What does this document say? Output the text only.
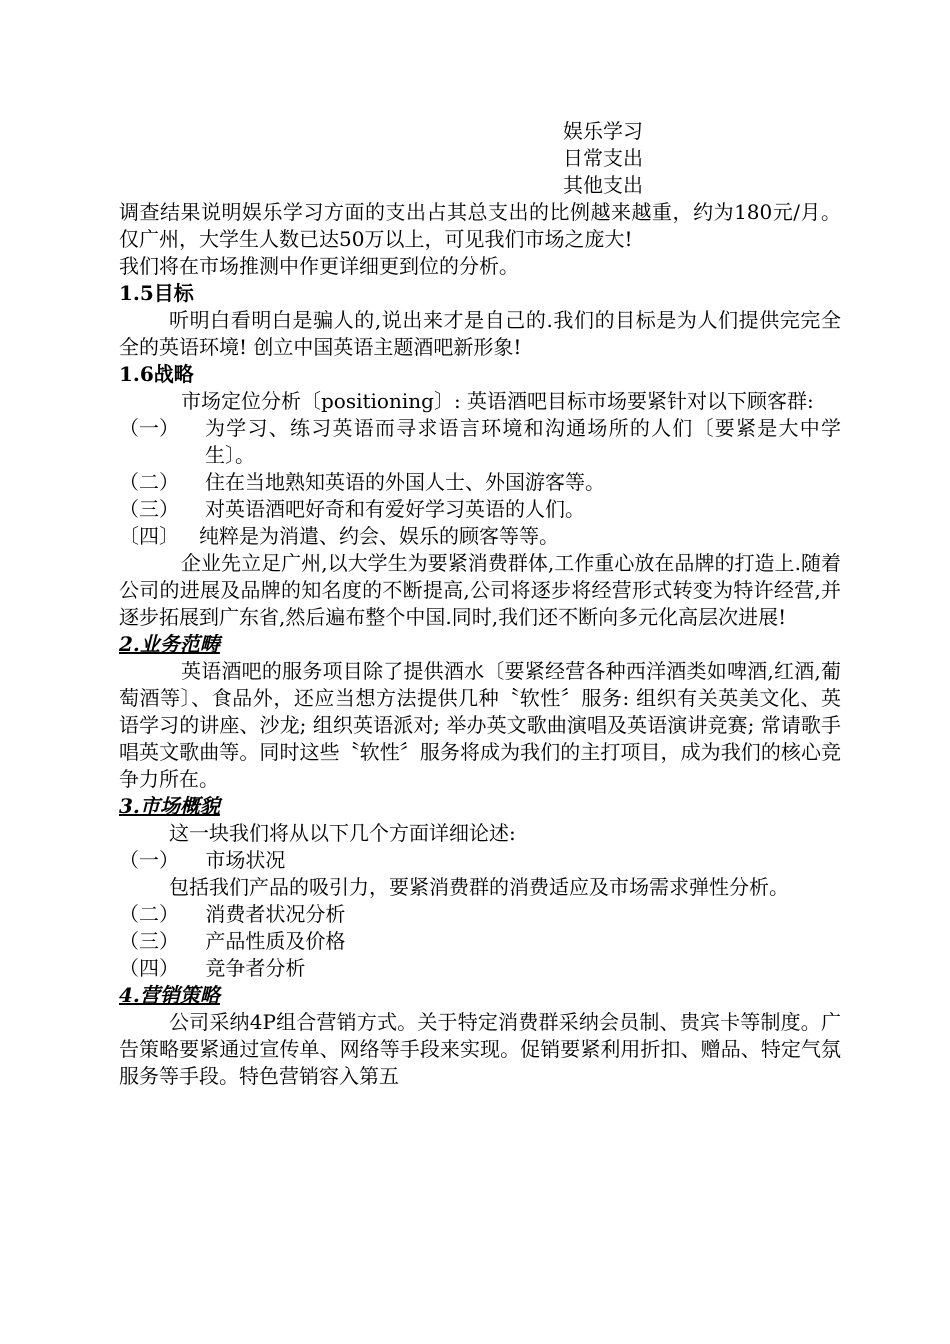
娱乐学习
日常支出
其他支出

调查结果说明娱乐学习方面的支出占其总支出的比例越来越重，约为180元/月。仅广州，大学生人数已达50万以上，可见我们市场之庞大!

我们将在市场推测中作更详细更到位的分析。

1.5目标

听明白看明白是骗人的,说出来才是自己的.我们的目标是为人们提供完完全全的英语环境! 创立中国英语主题酒吧新形象!

1.6战略

市场定位分析〔positioning〕: 英语酒吧目标市场要紧针对以下顾客群:

（一）	为学习、练习英语而寻求语言环境和沟通场所的人们〔要紧是大中学生〕。
（二）	住在当地熟知英语的外国人士、外国游客等。
（三）	对英语酒吧好奇和有爱好学习英语的人们。
〔四〕	纯粹是为消遣、约会、娱乐的顾客等等。

企业先立足广州,以大学生为要紧消费群体,工作重心放在品牌的打造上.随着公司的进展及品牌的知名度的不断提高,公司将逐步将经营形式转变为特许经营,并逐步拓展到广东省,然后遍布整个中国.同时,我们还不断向多元化高层次进展!

2.业务范畴

英语酒吧的服务项目除了提供酒水〔要紧经营各种西洋酒类如啤酒,红酒,葡萄酒等〕、食品外，还应当想方法提供几种〝软性〞服务: 组织有关英美文化、英语学习的讲座、沙龙; 组织英语派对; 举办英文歌曲演唱及英语演讲竞赛; 常请歌手唱英文歌曲等。同时这些〝软性〞服务将成为我们的主打项目，成为我们的核心竞争力所在。

3.市场概貌

这一块我们将从以下几个方面详细论述:

（一） 市场状况

包括我们产品的吸引力，要紧消费群的消费适应及市场需求弹性分析。

（二） 消费者状况分析
（三） 产品性质及价格
（四） 竞争者分析

4.营销策略

公司采纳4P组合营销方式。关于特定消费群采纳会员制、贵宾卡等制度。广告策略要紧通过宣传单、网络等手段来实现。促销要紧利用折扣、赠品、特定气氛服务等手段。特色营销容入第五
